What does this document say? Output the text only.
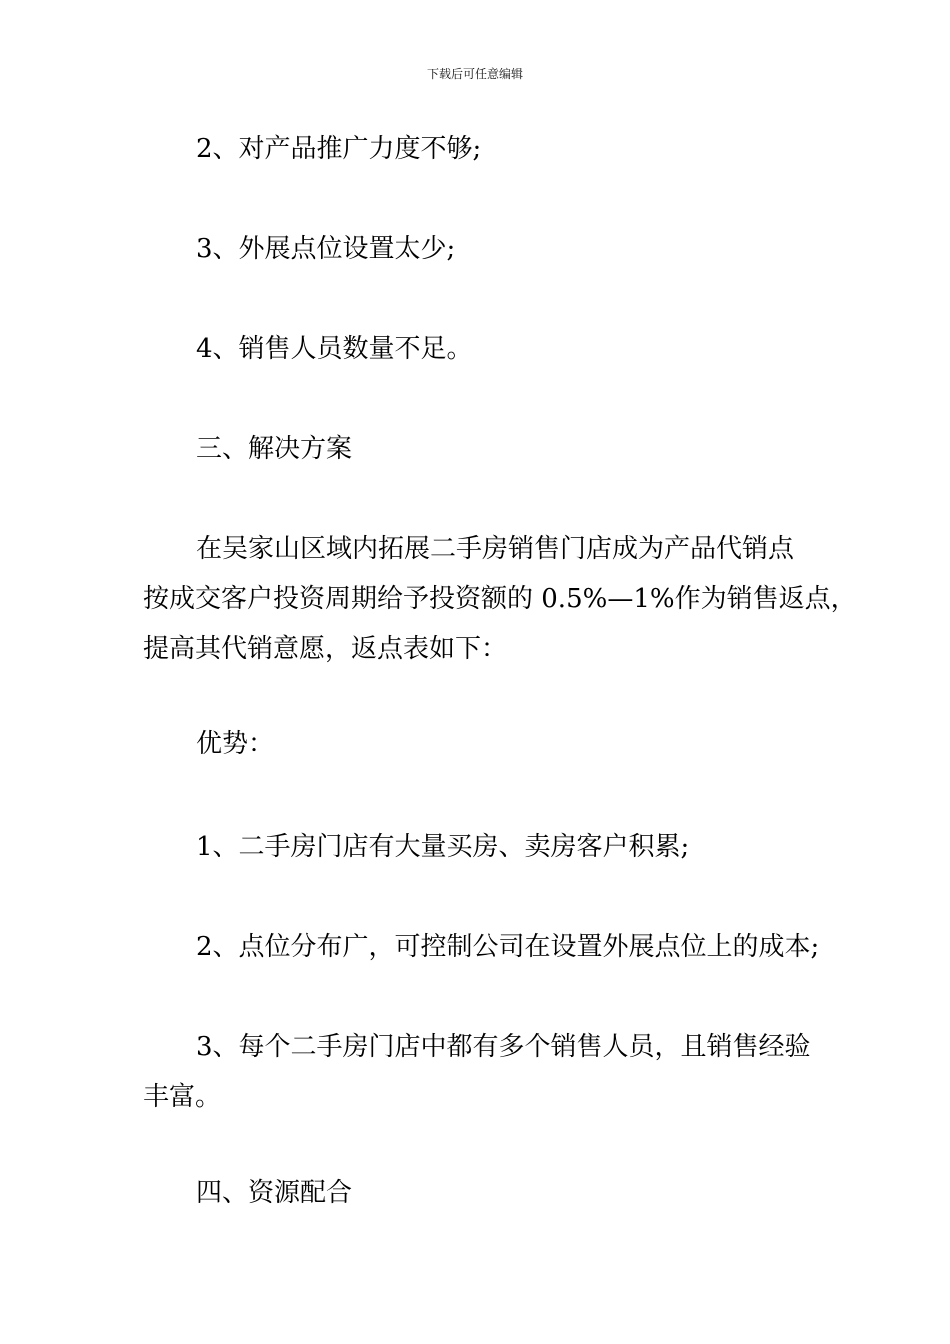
下载后可任意编辑

2、对产品推广力度不够;

3、外展点位设置太少;

4、销售人员数量不足。

三、解决方案

在吴家山区域内拓展二手房销售门店成为产品代销点

按成交客户投资周期给予投资额的 0.5%—1%作为销售返点，

提高其代销意愿，返点表如下：

优势：

1、二手房门店有大量买房、卖房客户积累;

2、点位分布广，可控制公司在设置外展点位上的成本;

3、每个二手房门店中都有多个销售人员，且销售经验

丰富。

四、资源配合
